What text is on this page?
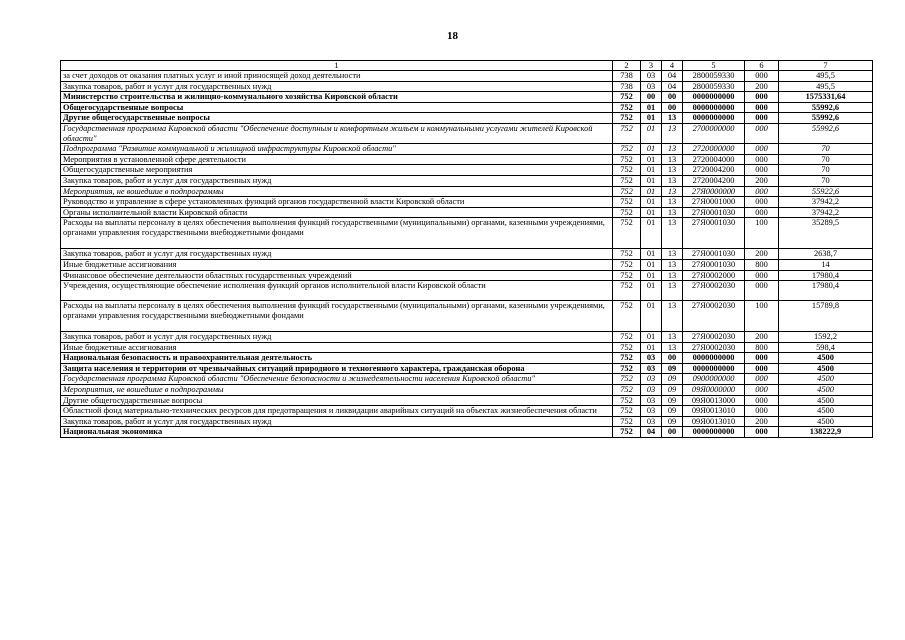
18
1	2	3	4	5	6	7
за счет доходов от оказания платных услуг и иной приносящей доход деятельности	738	03	04	2800059330	000	495,5
Закупка товаров, работ и услуг для государственных нужд	738	03	04	2800059330	200	495,5
Министерство строительства и жилищно-коммунального хозяйства Кировской области	752	00	00	0000000000	000	1575331,64
Общегосударственные вопросы	752	01	00	0000000000	000	55992,6
Другие общегосударственные вопросы	752	01	13	0000000000	000	55992,6
Государственная программа Кировской области "Обеспечение доступным и комфортным жильем и коммунальными услугами жителей Кировской области"	752	01	13	2700000000	000	55992,6
Подпрограмма "Развитие коммунальной и жилищной инфраструктуры Кировской области"	752	01	13	2720000000	000	70
Мероприятия в установленной сфере деятельности	752	01	13	2720004000	000	70
Общегосударственные мероприятия	752	01	13	2720004200	000	70
Закупка товаров, работ и услуг для государственных нужд	752	01	13	2720004200	200	70
Мероприятия, не вошедшие в подпрограммы	752	01	13	27Я0000000	000	55922,6
Руководство и управление в сфере установленных функций органов государственной власти Кировской области	752	01	13	27Я0001000	000	37942,2
Органы исполнительной власти Кировской области	752	01	13	27Я0001030	000	37942,2
Расходы на выплаты персоналу в целях обеспечения выполнения функций государственными (муниципальными) органами, казенными учреждениями, органами управления государственными внебюджетными фондами	752	01	13	27Я0001030	100	35289,5
Закупка товаров, работ и услуг для государственных нужд	752	01	13	27Я0001030	200	2638,7
Иные бюджетные ассигнования	752	01	13	27Я0001030	800	14
Финансовое обеспечение деятельности областных государственных учреждений	752	01	13	27Я0002000	000	17980,4
Учреждения, осуществляющие обеспечение исполнения функций органов исполнительной власти Кировской области	752	01	13	27Я0002030	000	17980,4
Расходы на выплаты персоналу в целях обеспечения выполнения функций государственными (муниципальными) органами, казенными учреждениями, органами управления государственными внебюджетными фондами	752	01	13	27Я0002030	100	15789,8
Закупка товаров, работ и услуг для государственных нужд	752	01	13	27Я0002030	200	1592,2
Иные бюджетные ассигнования	752	01	13	27Я0002030	800	598,4
Национальная безопасность и правоохранительная деятельность	752	03	00	0000000000	000	4500
Защита населения и территории от чрезвычайных ситуаций природного и техногенного характера, гражданская оборона	752	03	09	0000000000	000	4500
Государственная программа Кировской области "Обеспечение безопасности и жизнедеятельности населения Кировской области"	752	03	09	0900000000	000	4500
Мероприятия, не вошедшие в подпрограммы	752	03	09	09Я0000000	000	4500
Другие общегосударственные вопросы	752	03	09	09Я0013000	000	4500
Областной фонд материально-технических ресурсов для предотвращения и ликвидации аварийных ситуаций на объектах жизнеобеспечения области	752	03	09	09Я0013010	000	4500
Закупка товаров, работ и услуг для государственных нужд	752	03	09	09Я0013010	200	4500
Национальная экономика	752	04	00	0000000000	000	138222,9
